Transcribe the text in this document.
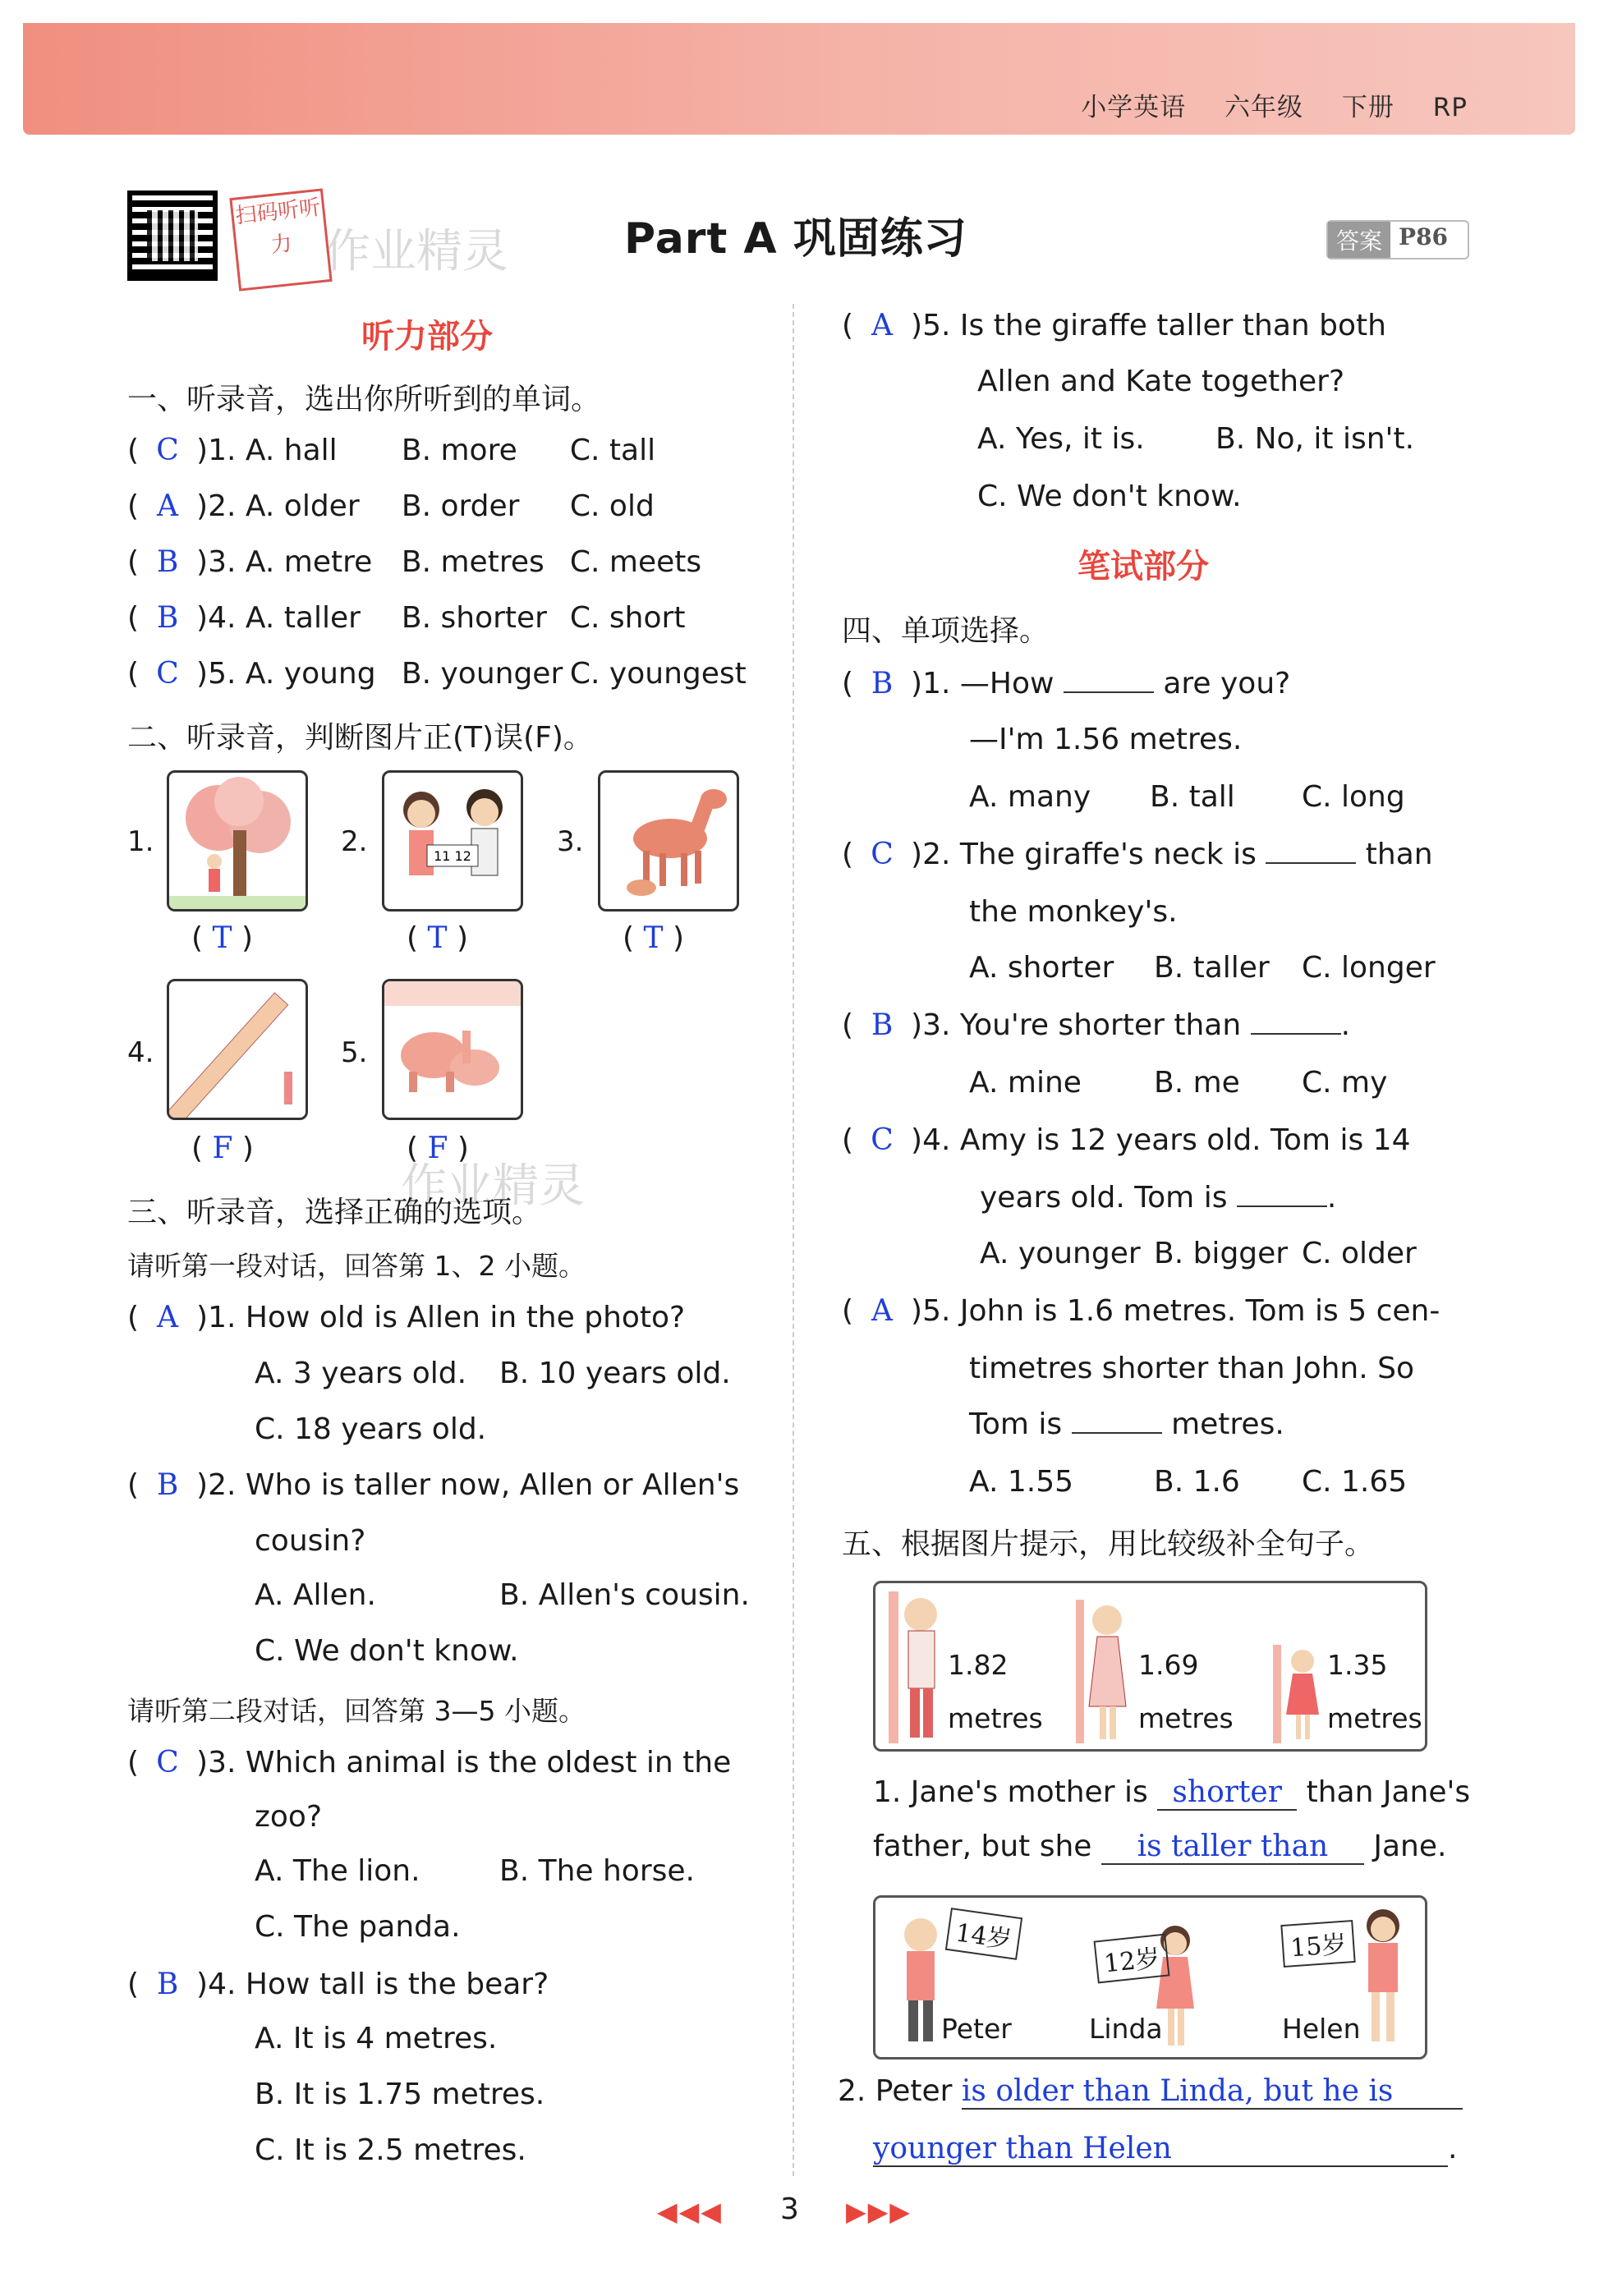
小学英语 六年级 下册 RP
扫码听听力 作业精灵
作业精灵
Part A 巩固练习	答案 P86
听力部分
一、听录音，选出你所听到的单词。
( C )1. A. hall B. more C. tall
( A )2. A. older B. order C. old
( B )3. A. metre B. metres C. meets
( B )4. A. taller B. shorter C. short
( C )5. A. young B. younger C. youngest
二、听录音，判断图片正(T)误(F)。
1.	2.	11 12	3.
( T )	( T )	( T )
4.	5.
( F )	( F )
三、听录音，选择正确的选项。
请听第一段对话，回答第 1、2 小题。
( A )1. How old is Allen in the photo?
A. 3 years old. B. 10 years old.
C. 18 years old.
( B )2. Who is taller now, Allen or Allen's
cousin?
A. Allen.	B. Allen's cousin.
C. We don't know.
请听第二段对话，回答第 3—5 小题。
( C )3. Which animal is the oldest in the
zoo?
A. The lion.	B. The horse.
C. The panda.
( B )4. How tall is the bear?
A. It is 4 metres.
B. It is 1.75 metres.
C. It is 2.5 metres.
( A )5. Is the giraffe taller than both
Allen and Kate together?
A. Yes, it is. B. No, it isn't.
C. We don't know.
笔试部分
四、单项选择。
( B )1. —How	are you?
—I'm 1.56 metres.
A. many B. tall C. long
( C )2. The giraffe's neck is	than
the monkey's.
A. shorter B. taller C. longer
( B )3. You're shorter than	.
A. mine B. me C. my
( C )4. Amy is 12 years old. Tom is 14
years old. Tom is	.
A. younger B. bigger C. older
( A )5. John is 1.6 metres. Tom is 5 cen-
timetres shorter than John. So
Tom is	metres.
A. 1.55	B. 1.6 C. 1.65
五、根据图片提示，用比较级补全句子。
1.82
metres
1.69
metres
1.35
metres
1. Jane's mother is shorter than Jane's
father, but she is taller than Jane.
14岁
Peter
12岁
Linda
15岁
Helen
2. Peter is older than Linda, but he is
younger than Helen	.
◀◀◀ 3 ▶▶▶
